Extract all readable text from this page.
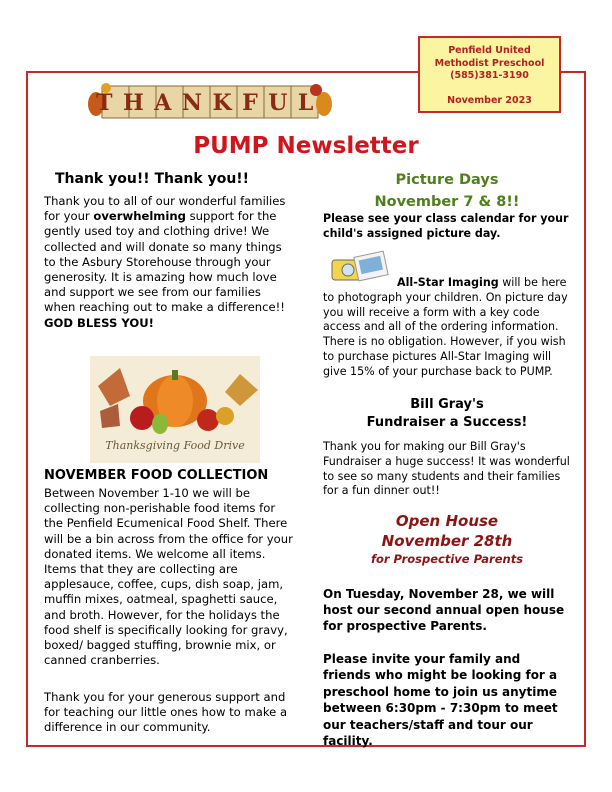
Penfield United
Methodist Preschool
(585)381-3190
November 2023
THANKFUL
PUMP Newsletter
Thank you!! Thank you!!
Thank you to all of our wonderful families for your overwhelming support for the gently used toy and clothing drive! We collected and will donate so many things to the Asbury Storehouse through your generosity. It is amazing how much love and support we see from our families when reaching out to make a difference!! GOD BLESS YOU!
Thanksgiving Food Drive
NOVEMBER FOOD COLLECTION
Between November 1-10 we will be collecting non-perishable food items for the Penfield Ecumenical Food Shelf. There will be a bin across from the office for your donated items. We welcome all items. Items that they are collecting are applesauce, coffee, cups, dish soap, jam, muffin mixes, oatmeal, spaghetti sauce, and broth. However, for the holidays the food shelf is specifically looking for gravy, boxed/ bagged stuffing, brownie mix, or canned cranberries.
Thank you for your generous support and for teaching our little ones how to make a difference in our community.
Picture Days
November 7 & 8!!
Please see your class calendar for your child's assigned picture day.
All-Star Imaging will be here to photograph your children. On picture day you will receive a form with a key code access and all of the ordering information. There is no obligation. However, if you wish to purchase pictures All-Star Imaging will give 15% of your purchase back to PUMP.
Bill Gray's
Fundraiser a Success!
Thank you for making our Bill Gray's Fundraiser a huge success! It was wonderful to see so many students and their families for a fun dinner out!!
Open House
November 28th
for Prospective Parents
On Tuesday, November 28, we will host our second annual open house for prospective Parents.
Please invite your family and friends who might be looking for a preschool home to join us anytime between 6:30pm - 7:30pm to meet our teachers/staff and tour our facility.
